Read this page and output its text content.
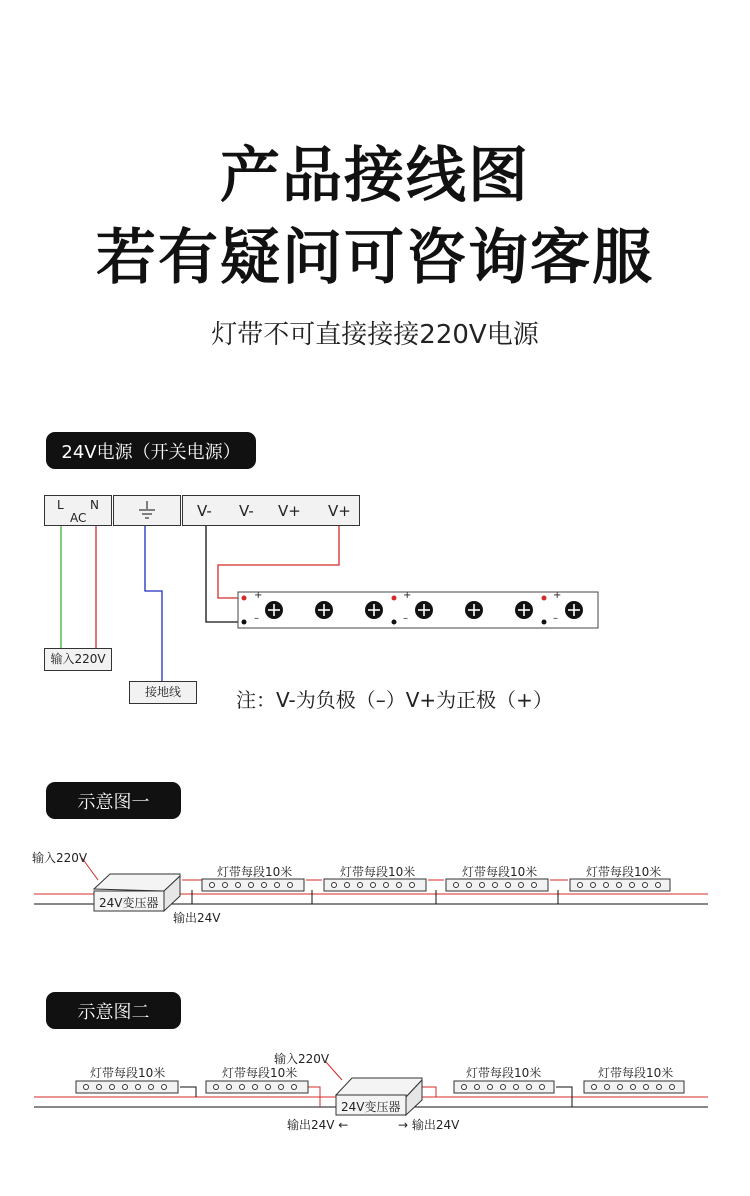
产品接线图
若有疑问可咨询客服
灯带不可直接接接220V电源
24V电源（开关电源）
L N
AC	V- V- V+ V+
+
–
+
–
+
–
输入220V
接地线	注：V-为负极（–）V+为正极（+）
示意图一
输入220V
24V变压器
输出24V
灯带每段10米	灯带每段10米	灯带每段10米	灯带每段10米
示意图二
输入220V
24V变压器
输出24V ←	→ 输出24V
灯带每段10米	灯带每段10米	灯带每段10米	灯带每段10米
